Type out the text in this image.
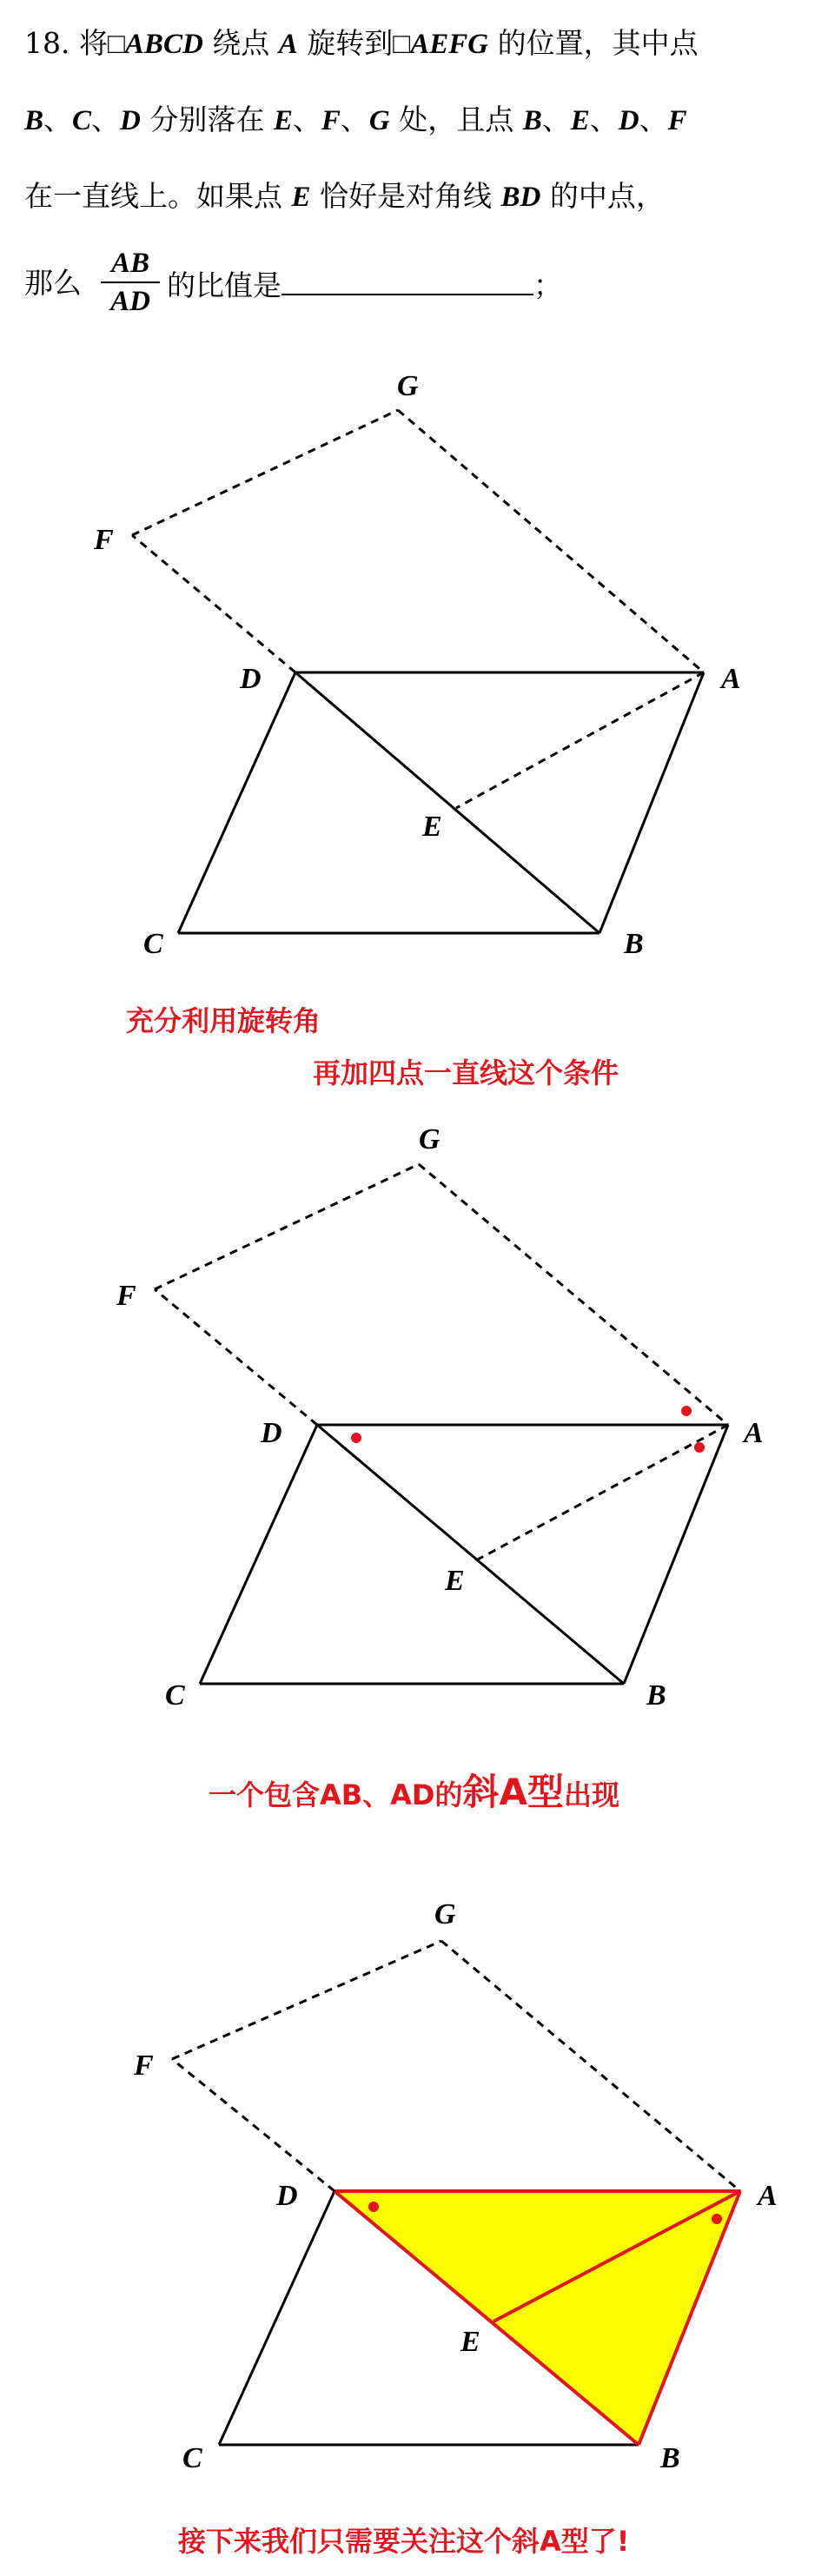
18. 将□ABCD 绕点 A 旋转到□AEFG 的位置，其中点
B、C、D 分别落在 E、F、G 处，且点 B、E、D、F
在一直线上。如果点 E 恰好是对角线 BD 的中点，
那么
AB
AD 的比值是	；
G
F
D	A
E
C	B
充分利用旋转角
再加四点一直线这个条件
G
F
D	A
E
C	B
一个包含AB、AD的斜A型出现
G
F
D	A
E
C	B
接下来我们只需要关注这个斜A型了!
